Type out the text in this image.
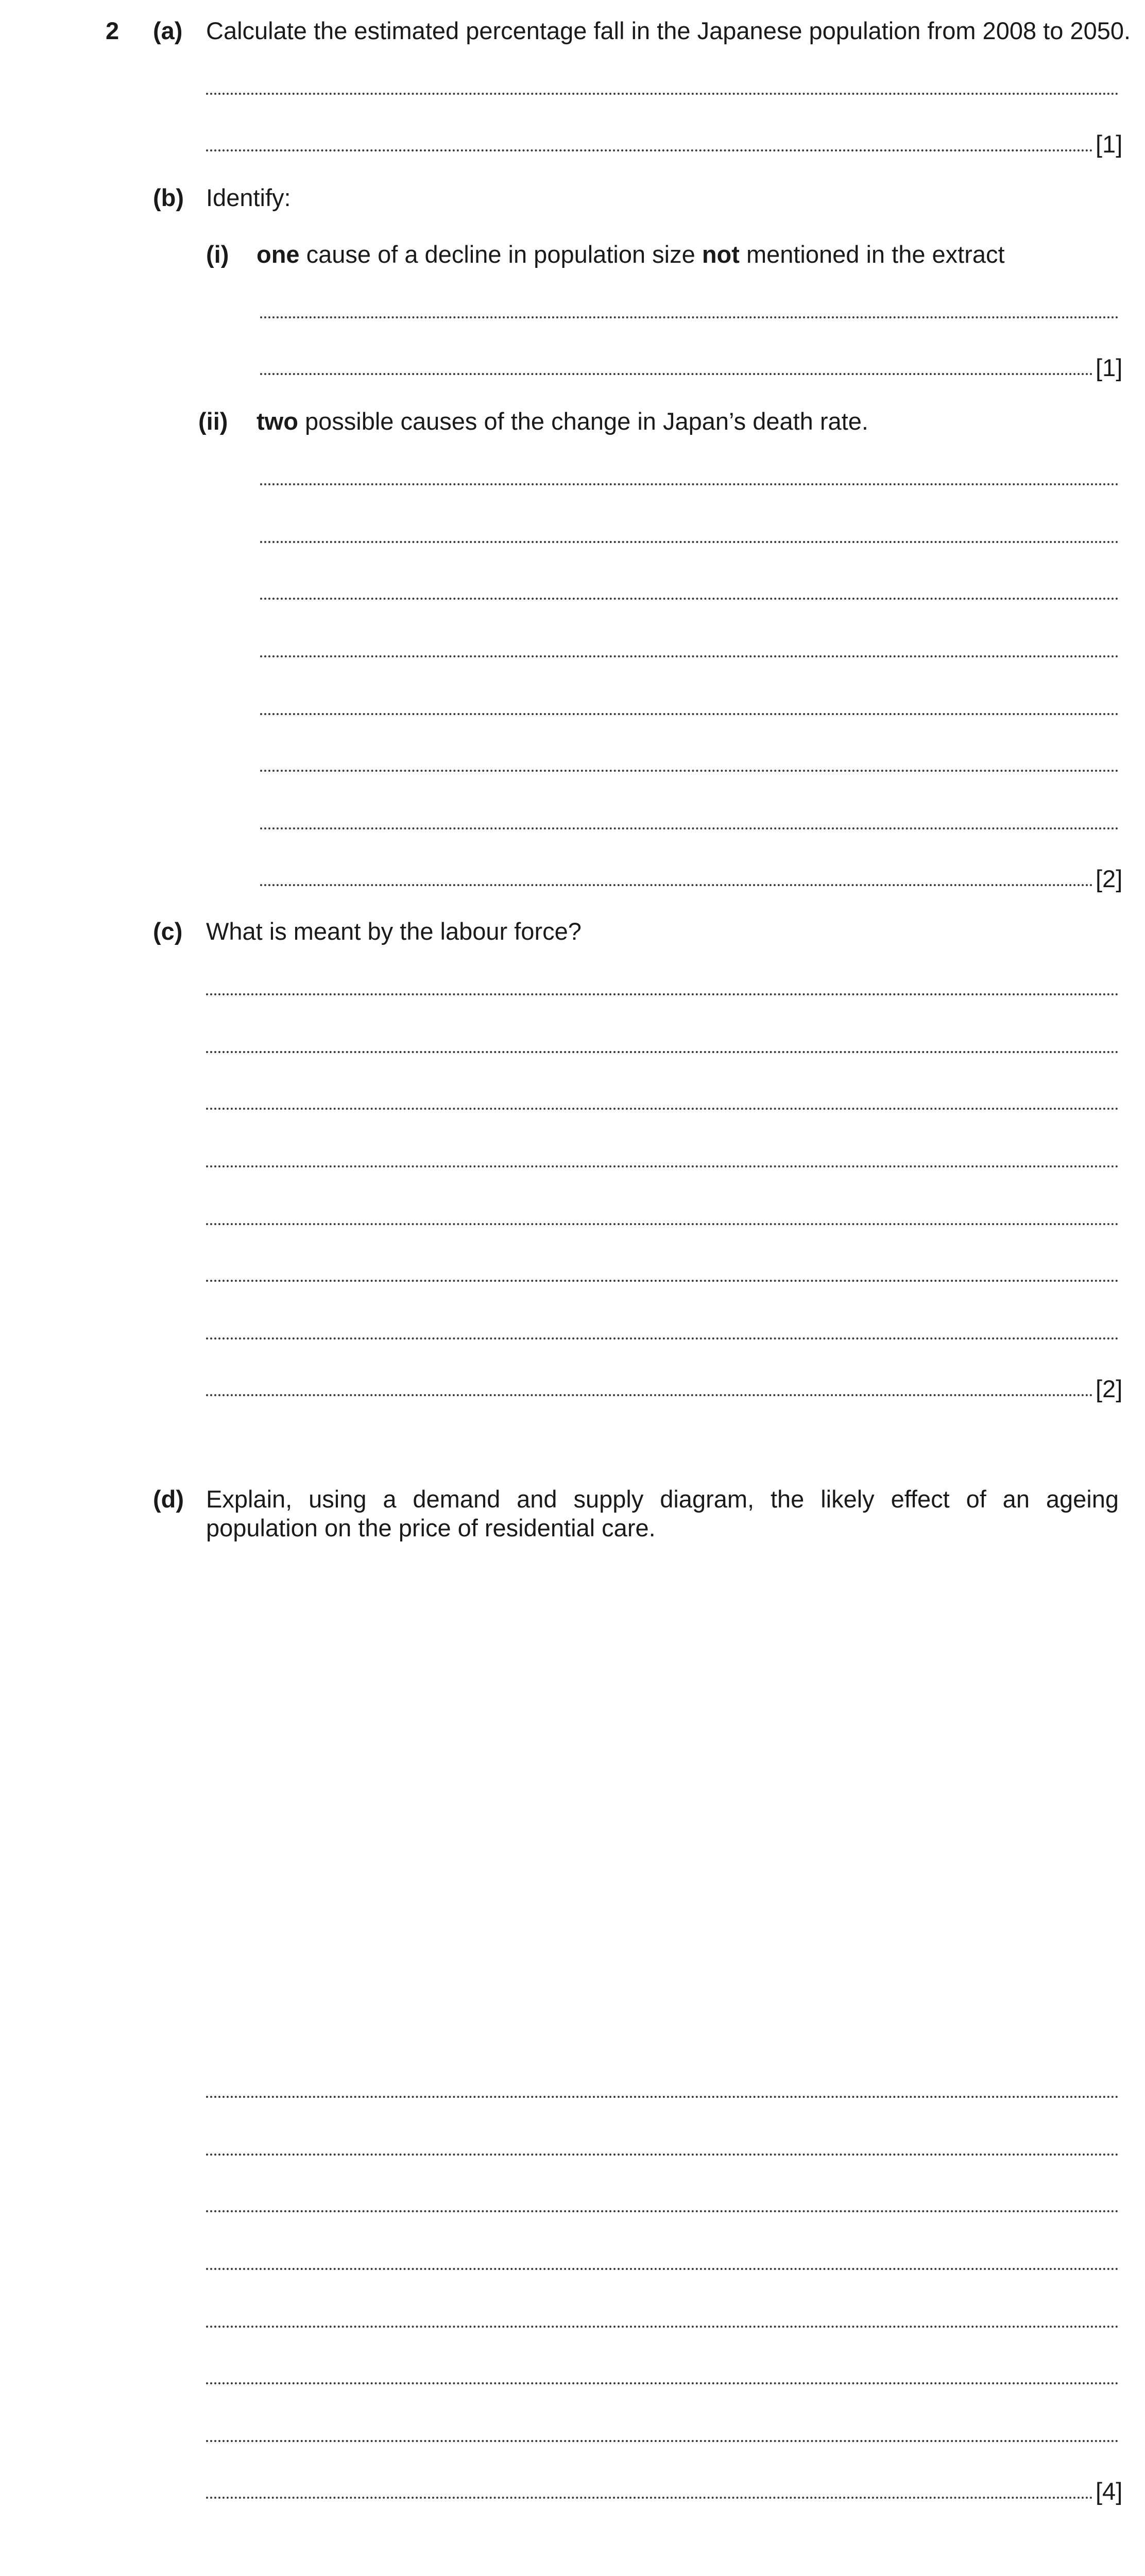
2 (a) Calculate the estimated percentage fall in the Japanese population from 2008 to 2050.
[1]
(b) Identify:
(i) one cause of a decline in population size not mentioned in the extract
[1]
(ii) two possible causes of the change in Japan’s death rate.
[2]
(c) What is meant by the labour force?
[2]
(d) Explain, using a demand and supply diagram, the likely effect of an ageing population on the price of residential care.
[4]
